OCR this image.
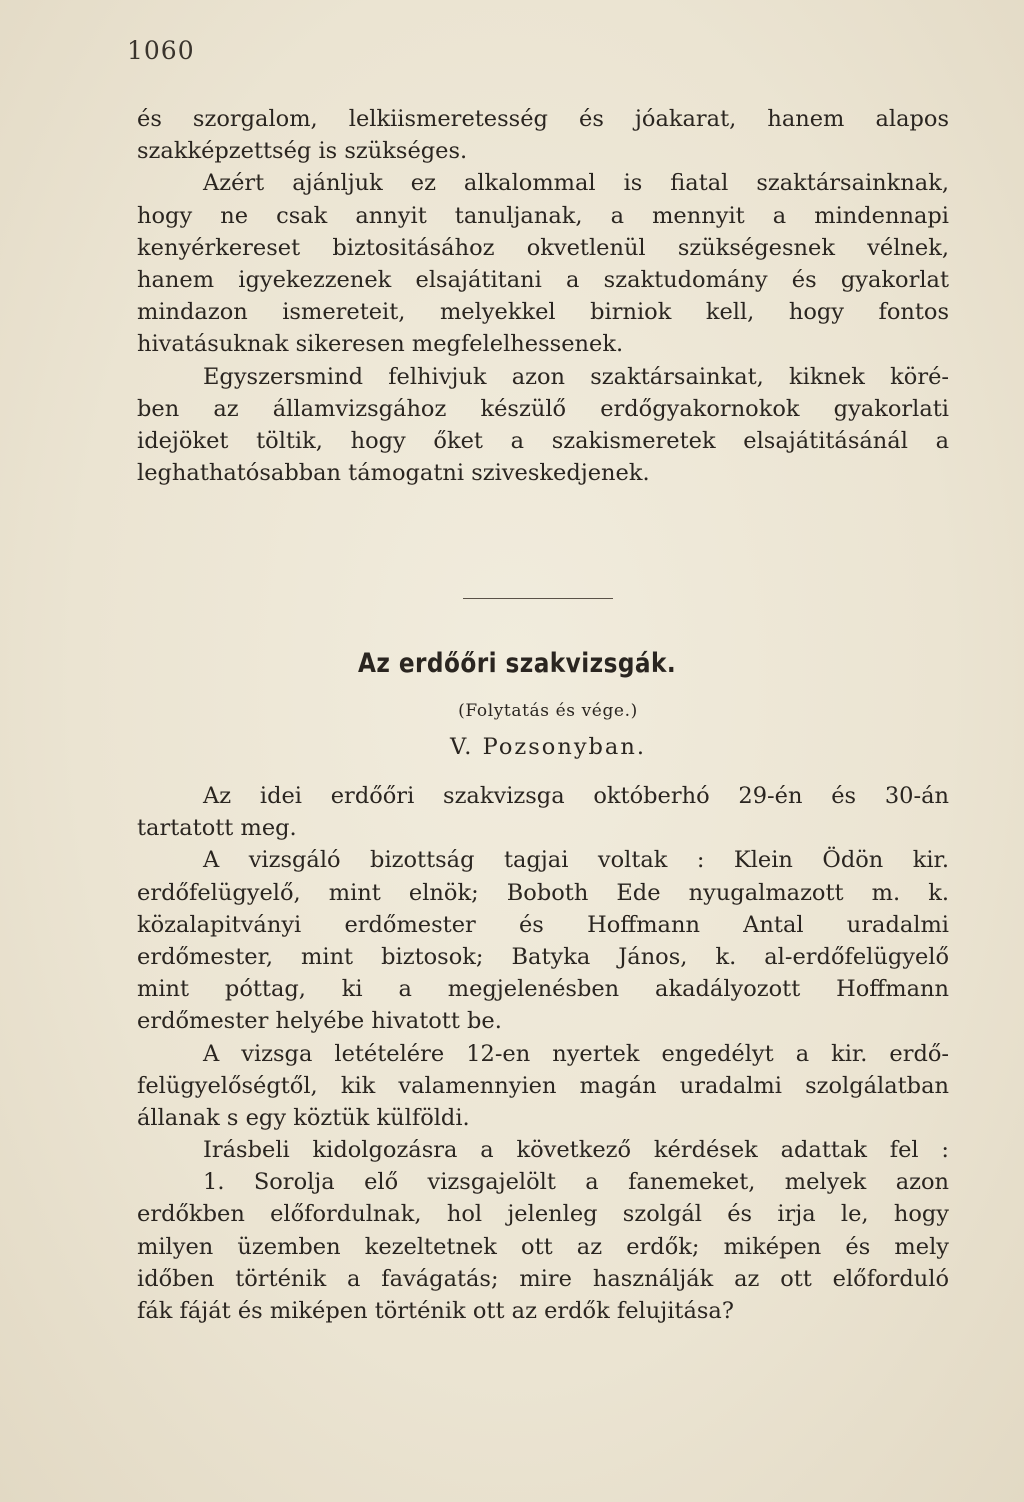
1060
és szorgalom, lelkiismeretesség és jóakarat, hanem alapos
szakképzettség is szükséges.
Azért ajánljuk ez alkalommal is fiatal szaktársainknak,
hogy ne csak annyit tanuljanak, a mennyit a mindennapi
kenyérkereset biztositásához okvetlenül szükségesnek vélnek,
hanem igyekezzenek elsajátitani a szaktudomány és gyakorlat
mindazon ismereteit, melyekkel birniok kell, hogy fontos
hivatásuknak sikeresen megfelelhessenek.
Egyszersmind felhivjuk azon szaktársainkat, kiknek köré-
ben az államvizsgához készülő erdőgyakornokok gyakorlati
idejöket töltik, hogy őket a szakismeretek elsajátitásánál a
leghathatósabban támogatni sziveskedjenek.
Az erdőőri szakvizsgák.
(Folytatás és vége.)
V. Pozsonyban.
Az idei erdőőri szakvizsga októberhó 29-én és 30-án
tartatott meg.
A vizsgáló bizottság tagjai voltak : Klein Ödön kir.
erdőfelügyelő, mint elnök; Boboth Ede nyugalmazott m. k.
közalapitványi erdőmester és Hoffmann Antal uradalmi
erdőmester, mint biztosok; Batyka János, k. al-erdőfelügyelő
mint póttag, ki a megjelenésben akadályozott Hoffmann
erdőmester helyébe hivatott be.
A vizsga letételére 12-en nyertek engedélyt a kir. erdő-
felügyelőségtől, kik valamennyien magán uradalmi szolgálatban
állanak s egy köztük külföldi.
Irásbeli kidolgozásra a következő kérdések adattak fel :
1. Sorolja elő vizsgajelölt a fanemeket, melyek azon
erdőkben előfordulnak, hol jelenleg szolgál és irja le, hogy
milyen üzemben kezeltetnek ott az erdők; miképen és mely
időben történik a favágatás; mire használják az ott előforduló
fák fáját és miképen történik ott az erdők felujitása?
